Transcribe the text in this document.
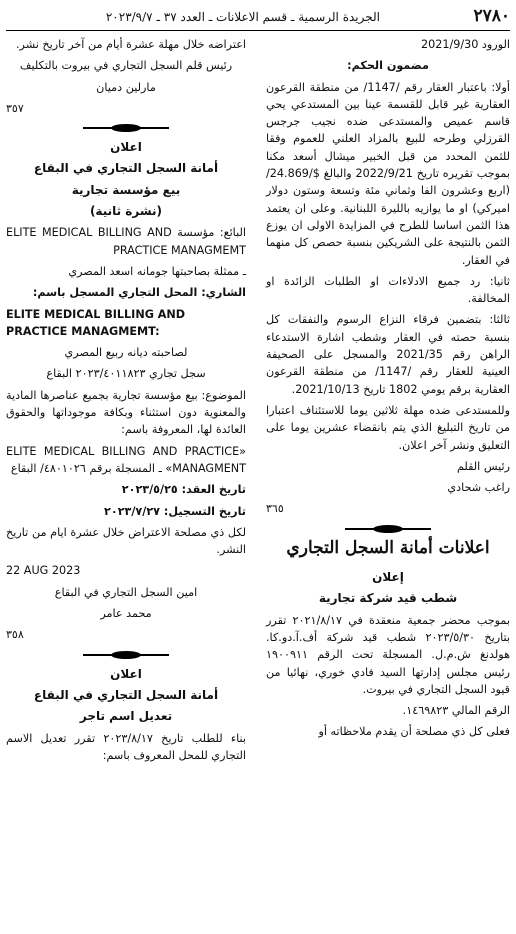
٢٧٨٠
الجريدة الرسمية ـ قسم الاعلانات ـ العدد ٣٧ ـ ٢٠٢٣/٩/٧

الورود 2021/9/30

مضمون الحكم:

أولا: باعتبار العقار رقم /1147/ من منطقة القرعون العقارية غير قابل للقسمة عينا بين المستدعي يحي قاسم عميص والمستدعى ضده نجيب جرجس القرزلي وطرحه للبيع بالمزاد العلني للعموم وفقا للثمن المحدد من قبل الخبير ميشال أسعد مكنا بموجب تقريره تاريخ 2022/9/21 والبالغ $/24.869/ (اربع وعشرون الفا وثماني مئة وتسعة وستون دولار اميركي) او ما يوازيه بالليرة اللبنانية. وعلى ان يعتمد هذا الثمن اساسا للطرح في المزايدة الاولى ان يوزع الثمن بالنتيجة على الشريكين بنسبة حصص كل منهما في العقار.

ثانيا: رد جميع الادلاءات او الطلبات الزائدة او المخالفة.

ثالثا: بتضمين فرقاء النزاع الرسوم والنفقات كل بنسبة حصته في العقار وشطب اشارة الاستدعاء الراهن رقم 2021/35 والمسجل على الصحيفة العينية للعقار رقم /1147/ من منطقة القرعون العقارية برقم يومي 1802 تاريخ 2021/10/13.

وللمستدعى ضده مهلة ثلاثين يوما للاستئناف اعتبارا من تاريخ التبليغ الذي يتم بانقضاء عشرين يوما على التعليق ونشر آخر اعلان.

رئيس القلم

راغب شحادي

٣٦٥
اعلانات أمانة السجل التجاري

إعلان

شطب قيد شركة تجارية

بموجب محضر جمعية منعقدة في ٢٠٢١/٨/١٧ تقرر بتاريخ ٢٠٢٣/٥/٣٠ شطب قيد شركة أف.آ.دو.كا. هولدنغ ش.م.ل. المسجلة تحت الرقم ١٩٠٠٩١١ رئيس مجلس إدارتها السيد فادي خوري، نهائيا من قيود السجل التجاري في بيروت.

الرقم المالي ١٤٦٩٨٢٣.

فعلى كل ذي مصلحة أن يقدم ملاحظاته أو

اعتراضه خلال مهلة عشرة أيام من آخر تاريخ نشر.

رئيس قلم السجل التجاري في بيروت بالتكليف

مارلين دميان

٣٥٧

اعلان

أمانة السجل التجاري في البقاع

بيع مؤسسة تجارية

(نشرة ثانية)

البائع: مؤسسة ELITE MEDICAL BILLING AND PRACTICE MANAGMEMT

ـ ممثلة بصاحبتها جومانه اسعد المصري

الشاري: المحل التجاري المسجل باسم:

ELITE MEDICAL BILLING AND PRACTICE MANAGMEMT:

لصاحبته ديانه ربيع المصري

سجل تجاري ٢٠٢٣/٤٠١١٨٢٣ البقاع

الموضوع: بيع مؤسسة تجارية بجميع عناصرها المادية والمعنوية دون استثناء وبكافة موجوداتها والحقوق العائدة لها، المعروفة باسم:

«ELITE MEDICAL BILLING AND PRACTICE MANAGMENT» ـ المسجلة برقم ٤٨٠١٠٢٦/ البقاع

تاريخ العقد: ٢٠٢٣/٥/٢٥

تاريخ التسجيل: ٢٠٢٣/٧/٢٧

لكل ذي مصلحة الاعتراض خلال عشرة ايام من تاريخ النشر.

22 AUG 2023

امين السجل التجاري في البقاع

محمد عامر

٣٥٨

اعلان

أمانة السجل التجاري في البقاع

تعديل اسم تاجر

بناء للطلب تاريخ ٢٠٢٣/٨/١٧ تقرر تعديل الاسم التجاري للمحل المعروف باسم:
